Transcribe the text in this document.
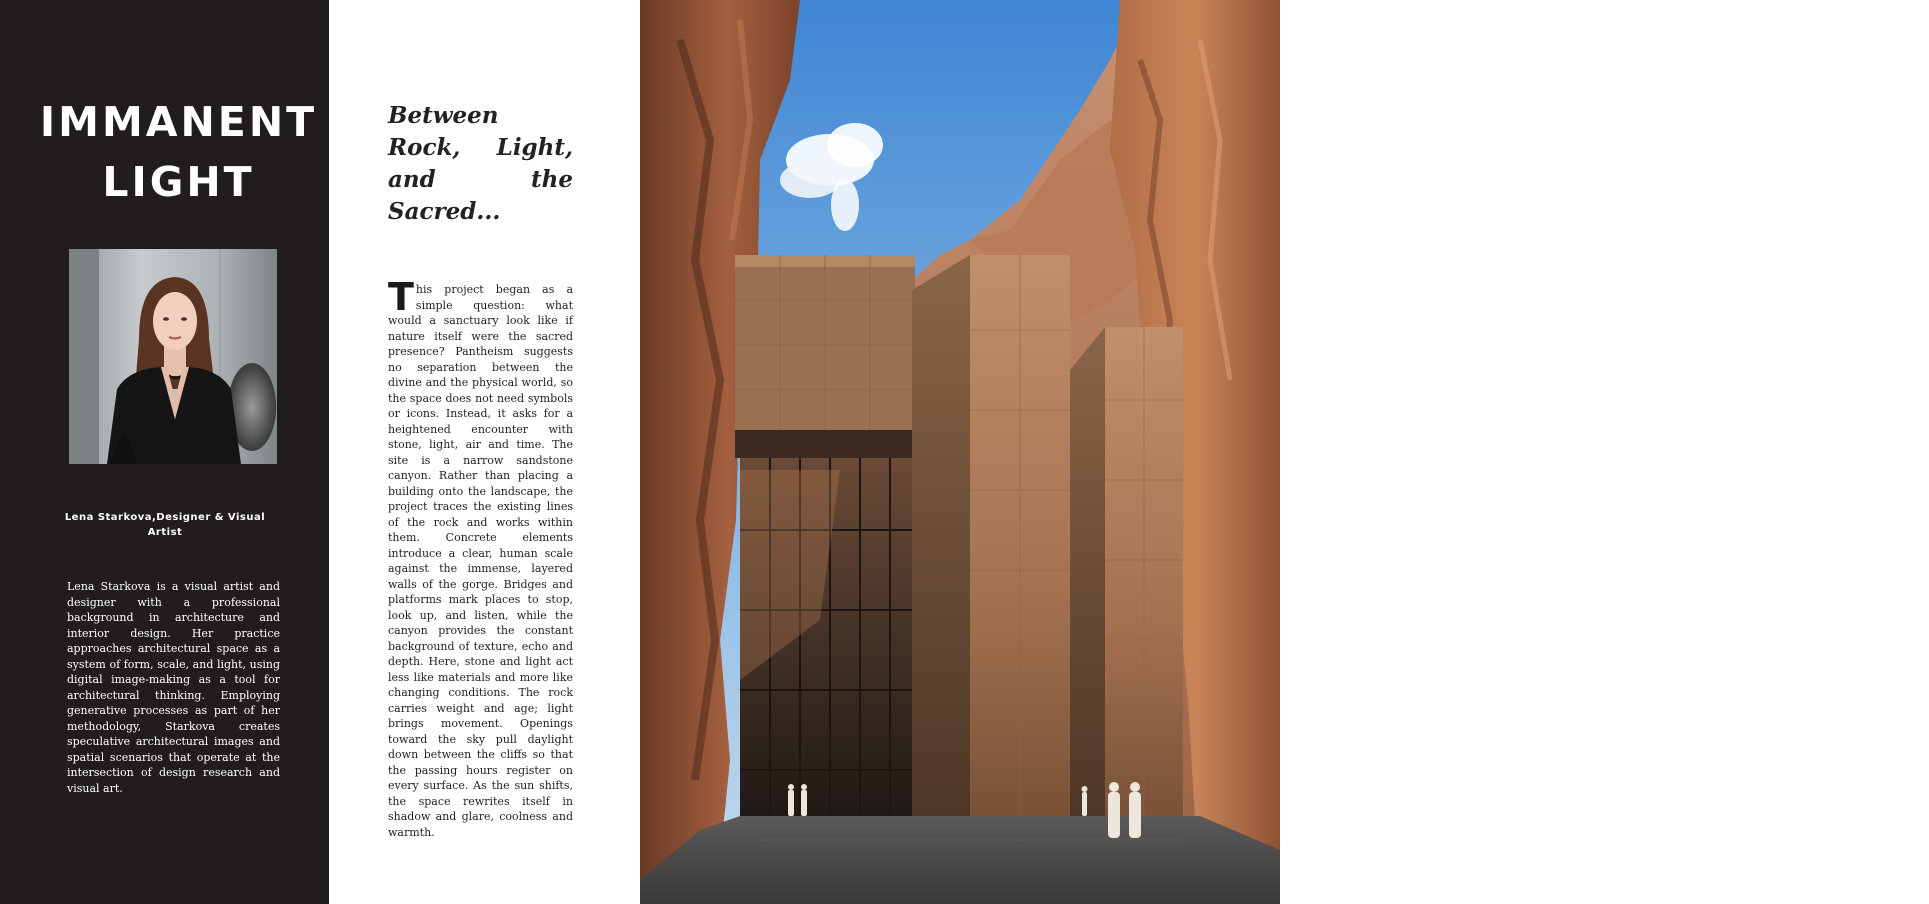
IMMANENT
LIGHT

Lena Starkova,Designer & Visual Artist

Lena Starkova is a visual artist and designer with a professional background in architecture and interior design. Her practice approaches architectural space as a system of form, scale, and light, using digital image-making as a tool for architectural thinking. Employing generative processes as part of her methodology, Starkova creates speculative architectural images and spatial scenarios that operate at the intersection of design research and visual art.

Between Rock, Light, and the Sacred...

This project began as a simple question: what would a sanctuary look like if nature itself were the sacred presence? Pantheism suggests no separation between the divine and the physical world, so the space does not need symbols or icons. Instead, it asks for a heightened encounter with stone, light, air and time. The site is a narrow sandstone canyon. Rather than placing a building onto the landscape, the project traces the existing lines of the rock and works within them. Concrete elements introduce a clear, human scale against the immense, layered walls of the gorge. Bridges and platforms mark places to stop, look up, and listen, while the canyon provides the constant background of texture, echo and depth. Here, stone and light act less like materials and more like changing conditions. The rock carries weight and age; light brings movement. Openings toward the sky pull daylight down between the cliffs so that the passing hours register on every surface. As the sun shifts, the space rewrites itself in shadow and glare, coolness and warmth.	IMMANENT LIGHT
